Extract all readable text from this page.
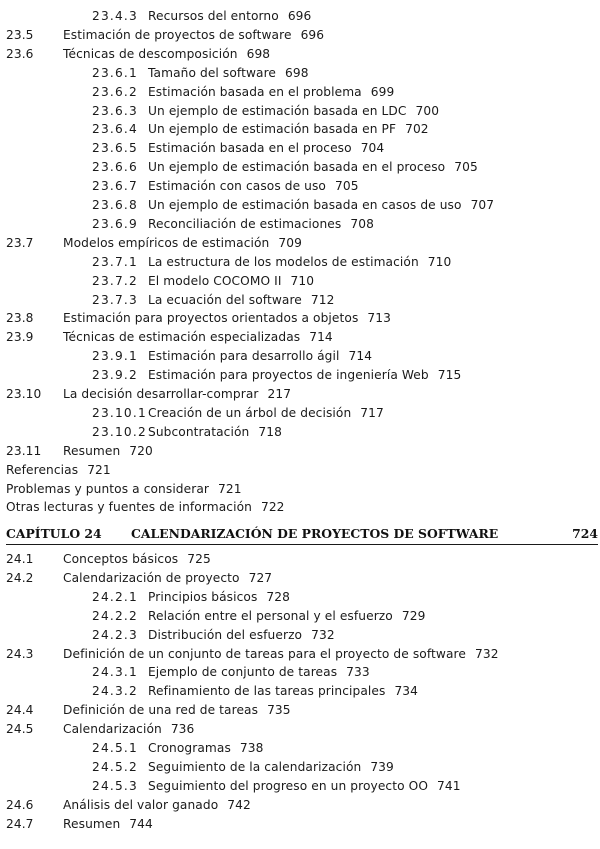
23.4.3 Recursos del entorno 696
23.5 Estimación de proyectos de software 696
23.6 Técnicas de descomposición 698
23.6.1 Tamaño del software 698
23.6.2 Estimación basada en el problema 699
23.6.3 Un ejemplo de estimación basada en LDC 700
23.6.4 Un ejemplo de estimación basada en PF 702
23.6.5 Estimación basada en el proceso 704
23.6.6 Un ejemplo de estimación basada en el proceso 705
23.6.7 Estimación con casos de uso 705
23.6.8 Un ejemplo de estimación basada en casos de uso 707
23.6.9 Reconciliación de estimaciones 708
23.7 Modelos empíricos de estimación 709
23.7.1 La estructura de los modelos de estimación 710
23.7.2 El modelo COCOMO II 710
23.7.3 La ecuación del software 712
23.8 Estimación para proyectos orientados a objetos 713
23.9 Técnicas de estimación especializadas 714
23.9.1 Estimación para desarrollo ágil 714
23.9.2 Estimación para proyectos de ingeniería Web 715
23.10 La decisión desarrollar-comprar 217
23.10.1 Creación de un árbol de decisión 717
23.10.2 Subcontratación 718
23.11 Resumen 720
Referencias 721
Problemas y puntos a considerar 721
Otras lecturas y fuentes de información 722
CAPÍTULO 24 CALENDARIZACIÓN DE PROYECTOS DE SOFTWARE	724
24.1 Conceptos básicos 725
24.2 Calendarización de proyecto 727
24.2.1 Principios básicos 728
24.2.2 Relación entre el personal y el esfuerzo 729
24.2.3 Distribución del esfuerzo 732
24.3 Definición de un conjunto de tareas para el proyecto de software 732
24.3.1 Ejemplo de conjunto de tareas 733
24.3.2 Refinamiento de las tareas principales 734
24.4 Definición de una red de tareas 735
24.5 Calendarización 736
24.5.1 Cronogramas 738
24.5.2 Seguimiento de la calendarización 739
24.5.3 Seguimiento del progreso en un proyecto OO 741
24.6 Análisis del valor ganado 742
24.7 Resumen 744
